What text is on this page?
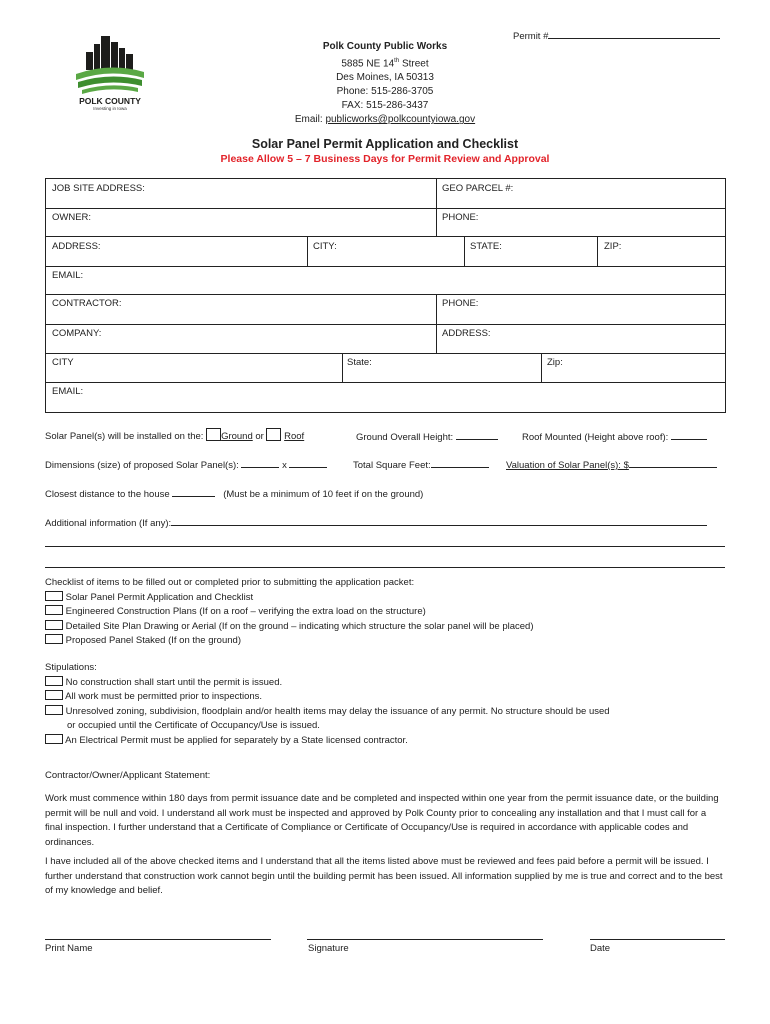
Permit #
POLK COUNTY
Investing in Iowa
Polk County Public Works
5885 NE 14th Street
Des Moines, IA 50313
Phone: 515-286-3705
FAX: 515-286-3437
Email: publicworks@polkcountyiowa.gov
Solar Panel Permit Application and Checklist
Please Allow 5 – 7 Business Days for Permit Review and Approval
JOB SITE ADDRESS:	GEO PARCEL #:
OWNER:	PHONE:
ADDRESS:	CITY:	STATE:	ZIP:
EMAIL:
CONTRACTOR:	PHONE:
COMPANY:	ADDRESS:
CITY	State:	Zip:
EMAIL:
Solar Panel(s) will be installed on the: Ground or  Roof	Ground Overall Height:	Roof Mounted (Height above roof):
Dimensions (size) of proposed Solar Panel(s):	x	Total Square Feet:	Valuation of Solar Panel(s): $
Closest distance to the house	(Must be a minimum of 10 feet if on the ground)
Additional information (If any):
Checklist of items to be filled out or completed prior to submitting the application packet:
Solar Panel Permit Application and Checklist
Engineered Construction Plans (If on a roof – verifying the extra load on the structure)
Detailed Site Plan Drawing or Aerial (If on the ground – indicating which structure the solar panel will be placed)
Proposed Panel Staked (If on the ground)
Stipulations:
No construction shall start until the permit is issued.
All work must be permitted prior to inspections.
Unresolved zoning, subdivision, floodplain and/or health items may delay the issuance of any permit. No structure should be used
or occupied until the Certificate of Occupancy/Use is issued.
An Electrical Permit must be applied for separately by a State licensed contractor.
Contractor/Owner/Applicant Statement:
Work must commence within 180 days from permit issuance date and be completed and inspected within one year from the permit issuance date, or the building permit will be null and void. I understand all work must be inspected and approved by Polk County prior to concealing any installation and that I must call for a final inspection. I further understand that a Certificate of Compliance or Certificate of Occupancy/Use is required in accordance with applicable codes and ordinances.
I have included all of the above checked items and I understand that all the items listed above must be reviewed and fees paid before a permit will be issued. I further understand that construction work cannot begin until the building permit has been issued. All information supplied by me is true and correct and to the best of my knowledge and belief.
Print Name	Signature	Date
